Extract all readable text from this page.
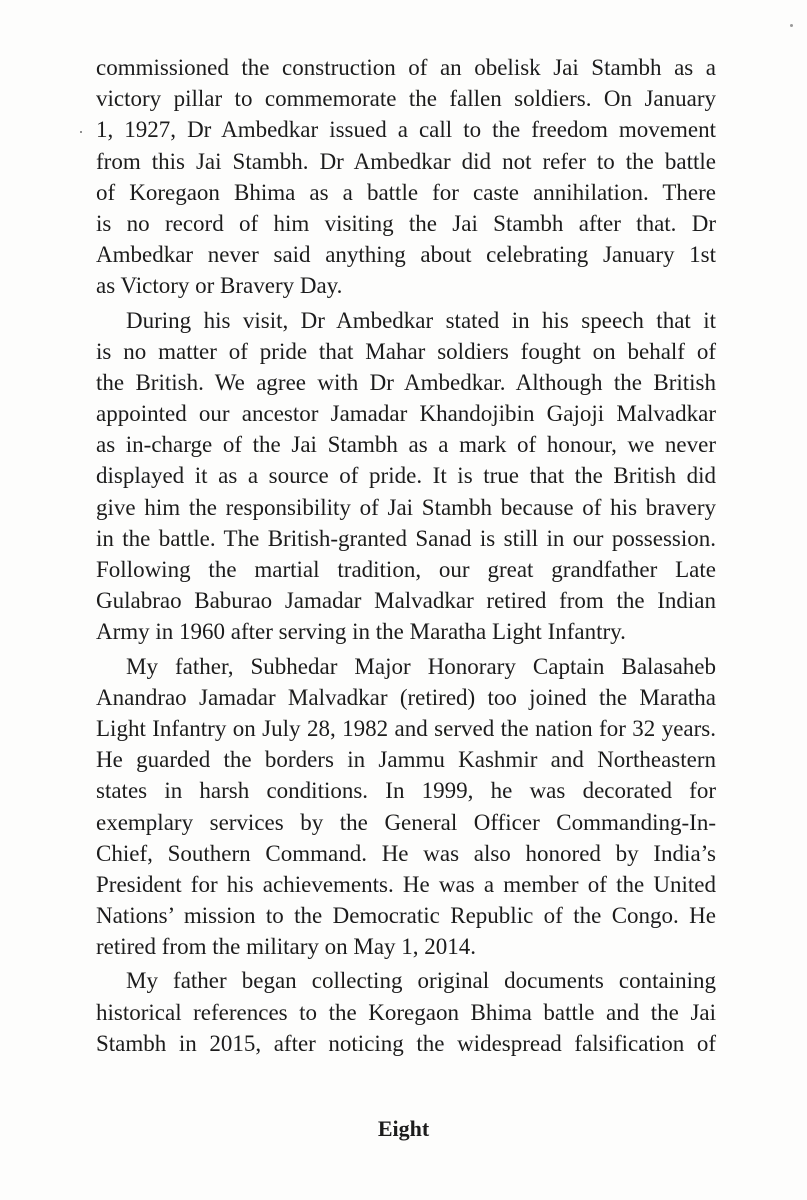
commissioned the construction of an obelisk Jai Stambh as a
victory pillar to commemorate the fallen soldiers. On January
1, 1927, Dr Ambedkar issued a call to the freedom movement
from this Jai Stambh. Dr Ambedkar did not refer to the battle
of Koregaon Bhima as a battle for caste annihilation. There
is no record of him visiting the Jai Stambh after that. Dr
Ambedkar never said anything about celebrating January 1st
as Victory or Bravery Day.
During his visit, Dr Ambedkar stated in his speech that it
is no matter of pride that Mahar soldiers fought on behalf of
the British. We agree with Dr Ambedkar. Although the British
appointed our ancestor Jamadar Khandojibin Gajoji Malvadkar
as in-charge of the Jai Stambh as a mark of honour, we never
displayed it as a source of pride. It is true that the British did
give him the responsibility of Jai Stambh because of his bravery
in the battle. The British-granted Sanad is still in our possession.
Following the martial tradition, our great grandfather Late
Gulabrao Baburao Jamadar Malvadkar retired from the Indian
Army in 1960 after serving in the Maratha Light Infantry.
My father, Subhedar Major Honorary Captain Balasaheb
Anandrao Jamadar Malvadkar (retired) too joined the Maratha
Light Infantry on July 28, 1982 and served the nation for 32 years.
He guarded the borders in Jammu Kashmir and Northeastern
states in harsh conditions. In 1999, he was decorated for
exemplary services by the General Officer Commanding-In-
Chief, Southern Command. He was also honored by India’s
President for his achievements. He was a member of the United
Nations’ mission to the Democratic Republic of the Congo. He
retired from the military on May 1, 2014.
My father began collecting original documents containing
historical references to the Koregaon Bhima battle and the Jai
Stambh in 2015, after noticing the widespread falsification of
Eight
